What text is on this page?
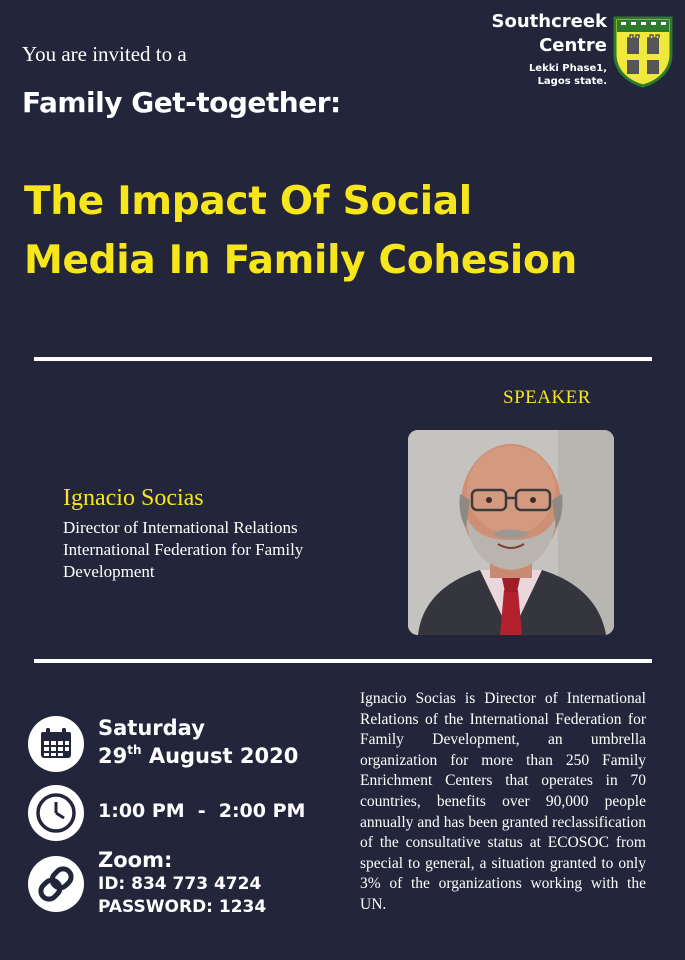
You are invited to a
Family Get-together:
The Impact Of Social
Media In Family Cohesion
Southcreek
Centre
Lekki Phase1,
Lagos state.
SPEAKER
Ignacio Socias
Director of International Relations
International Federation for Family Development
Saturday
29th August 2020
1:00 PM - 2:00 PM
Zoom:
ID: 834 773 4724
PASSWORD: 1234
Ignacio Socias is Director of International Relations of the International Federation for Family Development, an umbrella organization for more than 250 Family Enrichment Centers that operates in 70 countries, benefits over 90,000 people annually and has been granted reclassification of the consultative status at ECOSOC from special to general, a situation granted to only 3% of the organizations working with the UN.
